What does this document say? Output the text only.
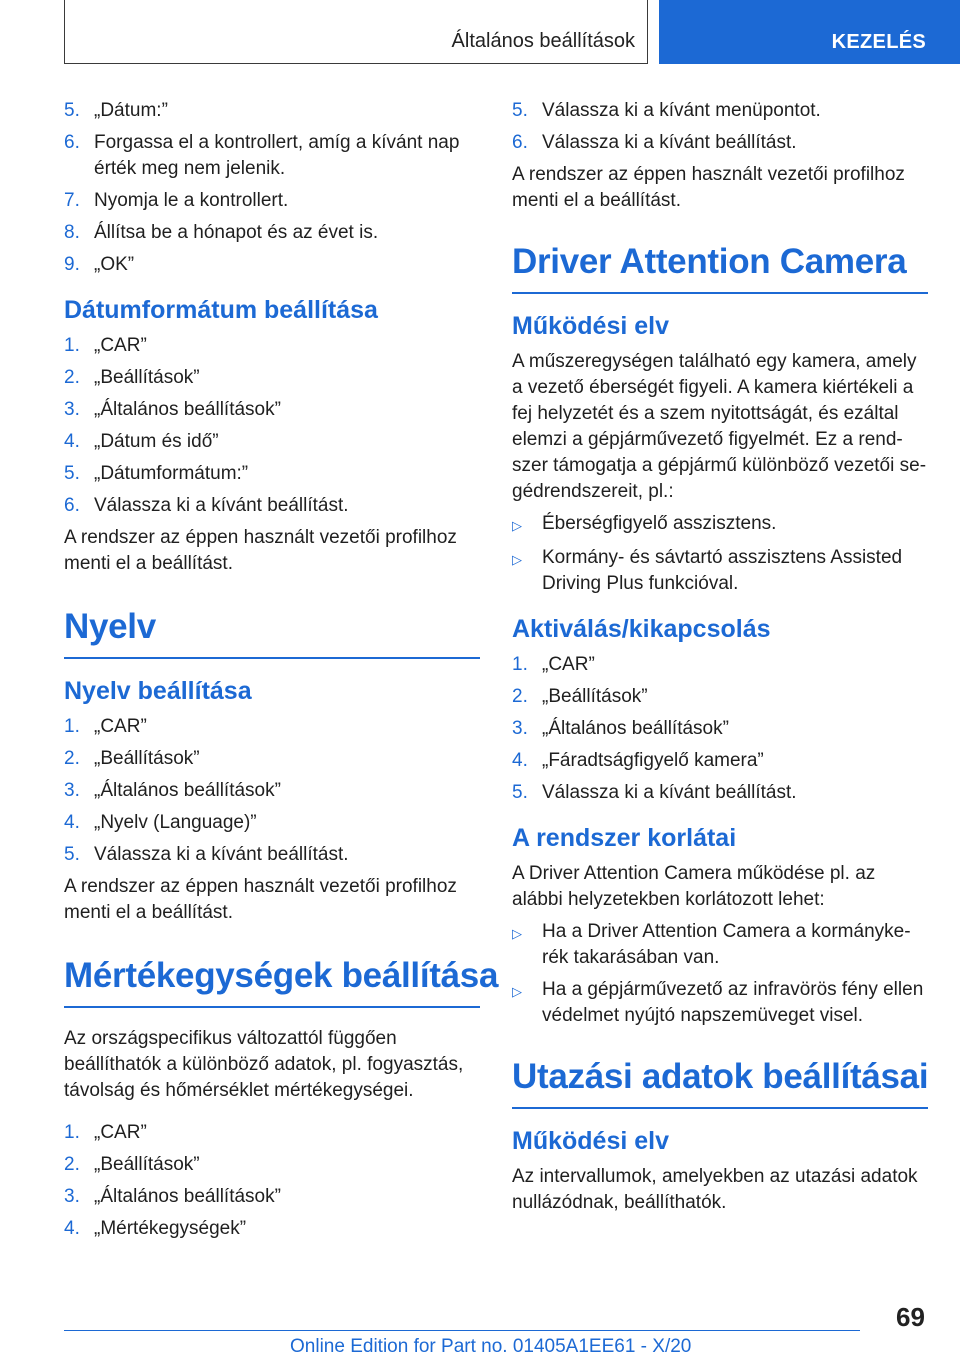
Általános beállítások	KEZELÉS
5. „Dátum:”
6. Forgassa el a kontrollert, amíg a kívánt nap érték meg nem jelenik.
7. Nyomja le a kontrollert.
8. Állítsa be a hónapot és az évet is.
9. „OK”
Dátumformátum beállítása
1. „CAR”
2. „Beállítások”
3. „Általános beállítások”
4. „Dátum és idő”
5. „Dátumformátum:”
6. Válassza ki a kívánt beállítást.

A rendszer az éppen használt vezetői profilhoz menti el a beállítást.

Nyelv
Nyelv beállítása
1. „CAR”
2. „Beállítások”
3. „Általános beállítások”
4. „Nyelv (Language)”
5. Válassza ki a kívánt beállítást.

A rendszer az éppen használt vezetői profilhoz menti el a beállítást.

Mértékegységek beállítása

Az országspecifikus változattól függően beállíthatók a különböző adatok, pl. fogyasztás, távolság és hőmérséklet mértékegységei.

1. „CAR”
2. „Beállítások”
3. „Általános beállítások”
4. „Mértékegységek”
5. Válassza ki a kívánt menüpontot.
6. Válassza ki a kívánt beállítást.

A rendszer az éppen használt vezetői profilhoz menti el a beállítást.

Driver Attention Camera
Működési elv

A műszeregységen található egy kamera, amely a vezető éberségét figyeli. A kamera kiértékeli a fej helyzetét és a szem nyitottságát, és ezáltal elemzi a gépjárművezető figyelmét. Ez a rendszer támogatja a gépjármű különböző vezetői segédrendszereit, pl.:

▷	Éberségfigyelő asszisztens.
▷	Kormány- és sávtartó asszisztens Assisted Driving Plus funkcióval.
Aktiválás/kikapcsolás
1. „CAR”
2. „Beállítások”
3. „Általános beállítások”
4. „Fáradtságfigyelő kamera”
5. Válassza ki a kívánt beállítást.
A rendszer korlátai

A Driver Attention Camera működése pl. az alábbi helyzetekben korlátozott lehet:

▷	Ha a Driver Attention Camera a kormánykerék takarásában van.
▷	Ha a gépjárművezető az infravörös fény ellen védelmet nyújtó napszemüveget visel.
Utazási adatok beállításai
Működési elv

Az intervallumok, amelyekben az utazási adatok nullázódnak, beállíthatók.

69
Online Edition for Part no. 01405A1EE61 - X/20
